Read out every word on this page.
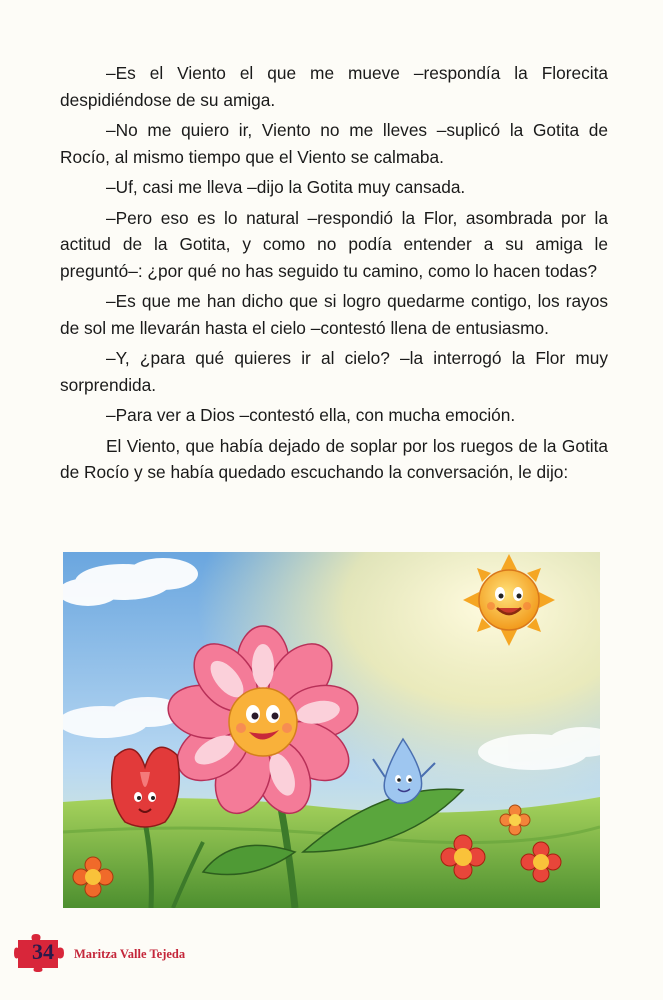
–Es el Viento el que me mueve –respondía la Florecita despidiéndose de su amiga.

–No me quiero ir, Viento no me lleves –suplicó la Gotita de Rocío, al mismo tiempo que el Viento se calmaba.

–Uf, casi me lleva –dijo la Gotita muy cansada.

–Pero eso es lo natural –respondió la Flor, asombrada por la actitud de la Gotita, y como no podía entender a su amiga le preguntó–: ¿por qué no has seguido tu camino, como lo hacen todas?

–Es que me han dicho que si logro quedarme contigo, los rayos de sol me llevarán hasta el cielo –contestó llena de entusiasmo.

–Y, ¿para qué quieres ir al cielo? –la interrogó la Flor muy sorprendida.

–Para ver a Dios –contestó ella, con mucha emoción.

El Viento, que había dejado de soplar por los ruegos de la Gotita de Rocío y se había quedado escuchando la conversación, le dijo:

34	Maritza Valle Tejeda
